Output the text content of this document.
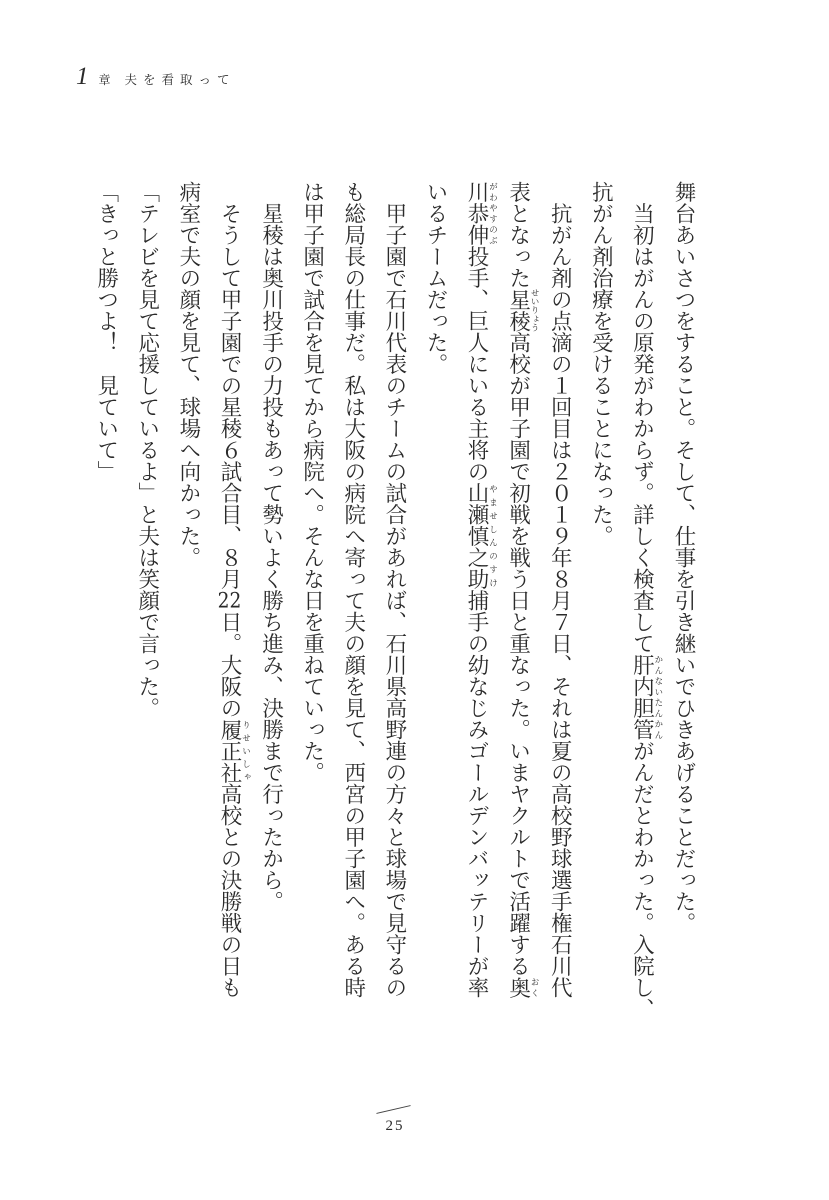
1 章 夫を看取って
舞台あいさつをすること。そして、仕事を引き継いでひきあげることだった。
　当初はがんの原発がわからず。詳しく検査して肝内胆管かんないたんかんがんだとわかった。入院し、
抗がん剤治療を受けることになった。
　抗がん剤の点滴の１回目は２０１９年８月７日、それは夏の高校野球選手権石川代
表となった星稜せいりょう高校が甲子園で初戦を戦う日と重なった。いまヤクルトで活躍する奥おく
川恭伸がわやすのぶ投手、巨人にいる主将の山瀬慎之助やませしんのすけ捕手の幼なじみゴールデンバッテリーが率
いるチームだった。
　甲子園で石川代表のチームの試合があれば、石川県高野連の方々と球場で見守るの
も総局長の仕事だ。私は大阪の病院へ寄って夫の顔を見て、西宮の甲子園へ。ある時
は甲子園で試合を見てから病院へ。そんな日を重ねていった。
　星稜は奥川投手の力投もあって勢いよく勝ち進み、決勝まで行ったから。
　そうして甲子園での星稜６試合目、８月22日。大阪の履正社りせいしゃ高校との決勝戦の日も
病室で夫の顔を見て、球場へ向かった。
「テレビを見て応援しているよ」と夫は笑顔で言った。
「きっと勝つよ！　見ていて」
25
